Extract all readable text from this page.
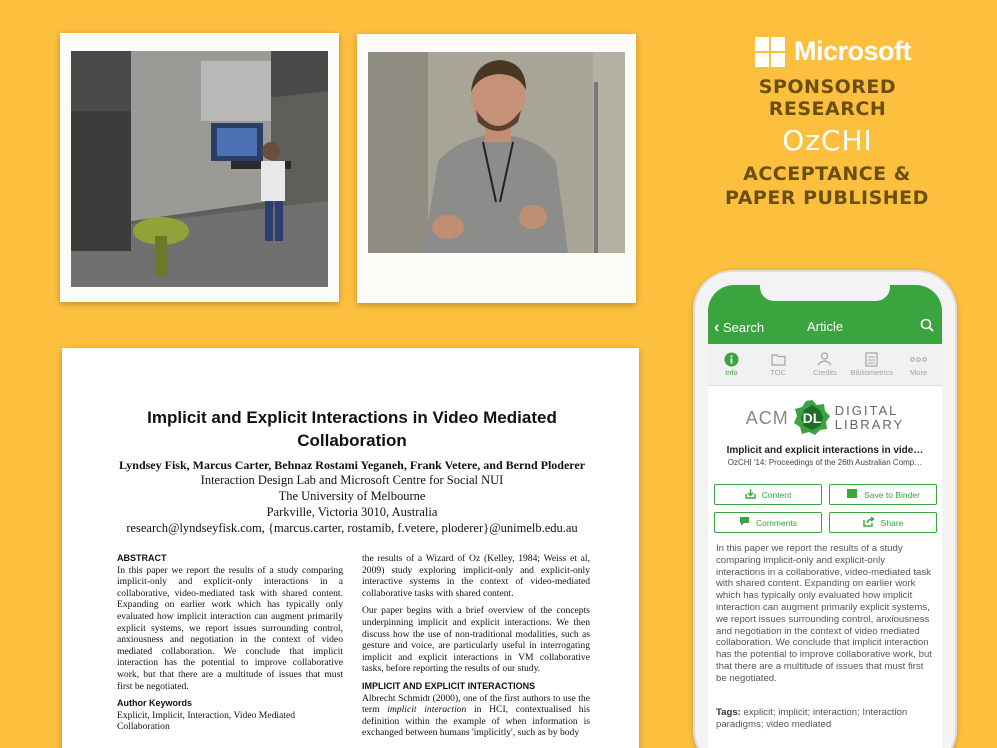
Microsoft
SPONSORED RESEARCH
OzCHI
ACCEPTANCE & PAPER PUBLISHED
Implicit and Explicit Interactions in Video Mediated
Collaboration
Lyndsey Fisk, Marcus Carter, Behnaz Rostami Yeganeh, Frank Vetere, and Bernd Ploderer
Interaction Design Lab and Microsoft Centre for Social NUI
The University of Melbourne
Parkville, Victoria 3010, Australia
research@lyndseyfisk.com, {marcus.carter, rostamib, f.vetere, ploderer}@unimelb.edu.au
ABSTRACT

In this paper we report the results of a study comparing implicit-only and explicit-only interactions in a collaborative, video-mediated task with shared content. Expanding on earlier work which has typically only evaluated how implicit interaction can augment primarily explicit systems, we report issues surrounding control, anxiousness and negotiation in the context of video mediated collaboration. We conclude that implicit interaction has the potential to improve collaborative work, but that there are a multitude of issues that must first be negotiated.

Author Keywords

Explicit, Implicit, Interaction, Video Mediated Collaboration

the results of a Wizard of Oz (Kelley, 1984; Weiss et al, 2009) study exploring implicit-only and explicit-only interactive systems in the context of video-mediated collaborative tasks with shared content.

Our paper begins with a brief overview of the concepts underpinning implicit and explicit interactions. We then discuss how the use of non-traditional modalities, such as gesture and voice, are particularly useful in interrogating implicit and explicit interactions in VM collaborative tasks, before reporting the results of our study.

IMPLICIT AND EXPLICIT INTERACTIONS

Albrecht Schmidt (2000), one of the first authors to use the term implicit interaction in HCI, contextualised his definition within the example of when information is exchanged between humans 'implicitly', such as by body

‹ Search	Article
Info	TOC	Credits	Bibliometrics	More
ACM DL DIGITAL
LIBRARY
Implicit and explicit interactions in vide…
OzCHI '14: Proceedings of the 26th Australian Comp…
Content	Save to Binder
Comments	Share
In this paper we report the results of a study comparing implicit-only and explicit-only interactions in a collaborative, video-mediated task with shared content. Expanding on earlier work which has typically only evaluated how implicit interaction can augment primarily explicit systems, we report issues surrounding control, anxiousness and negotiation in the context of video mediated collaboration. We conclude that implicit interaction has the potential to improve collaborative work, but that there are a multitude of issues that must first be negotiated.
Tags: explicit; implicit; interaction; Interaction paradigms; video mediated
